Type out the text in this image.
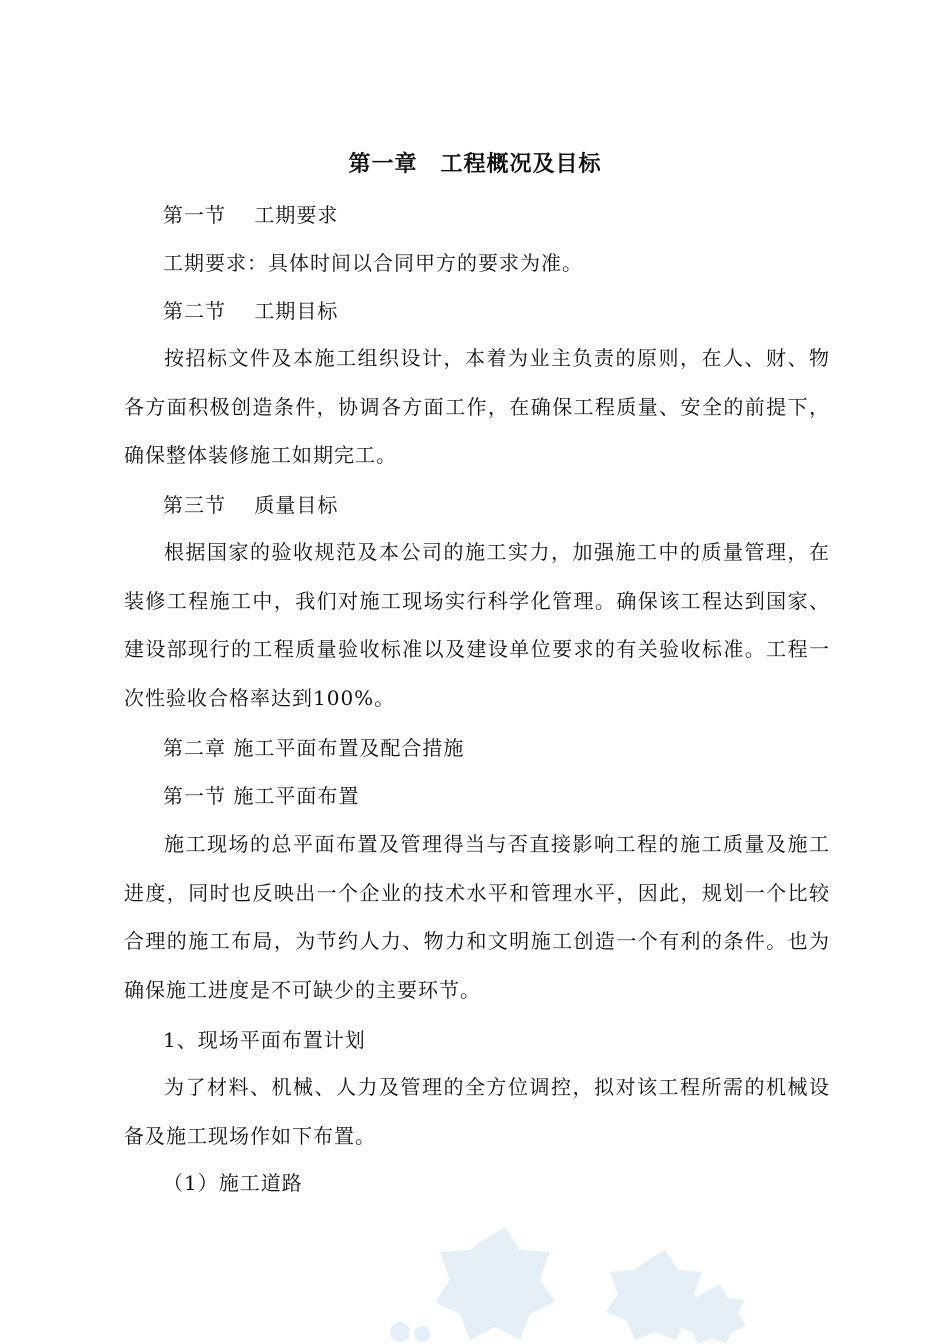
第一章　工程概况及目标
第一节　 工期要求
工期要求：具体时间以合同甲方的要求为准。
第二节　 工期目标
按招标文件及本施工组织设计，本着为业主负责的原则，在人、财、物各方面积极创造条件，协调各方面工作，在确保工程质量、安全的前提下，确保整体装修施工如期完工。
第三节　 质量目标
根据国家的验收规范及本公司的施工实力，加强施工中的质量管理，在装修工程施工中，我们对施工现场实行科学化管理。确保该工程达到国家、建设部现行的工程质量验收标准以及建设单位要求的有关验收标准。工程一次性验收合格率达到100%。
第二章 施工平面布置及配合措施
第一节 施工平面布置
施工现场的总平面布置及管理得当与否直接影响工程的施工质量及施工进度，同时也反映出一个企业的技术水平和管理水平，因此，规划一个比较合理的施工布局，为节约人力、物力和文明施工创造一个有利的条件。也为确保施工进度是不可缺少的主要环节。
1、现场平面布置计划
为了材料、机械、人力及管理的全方位调控，拟对该工程所需的机械设备及施工现场作如下布置。
（1）施工道路
